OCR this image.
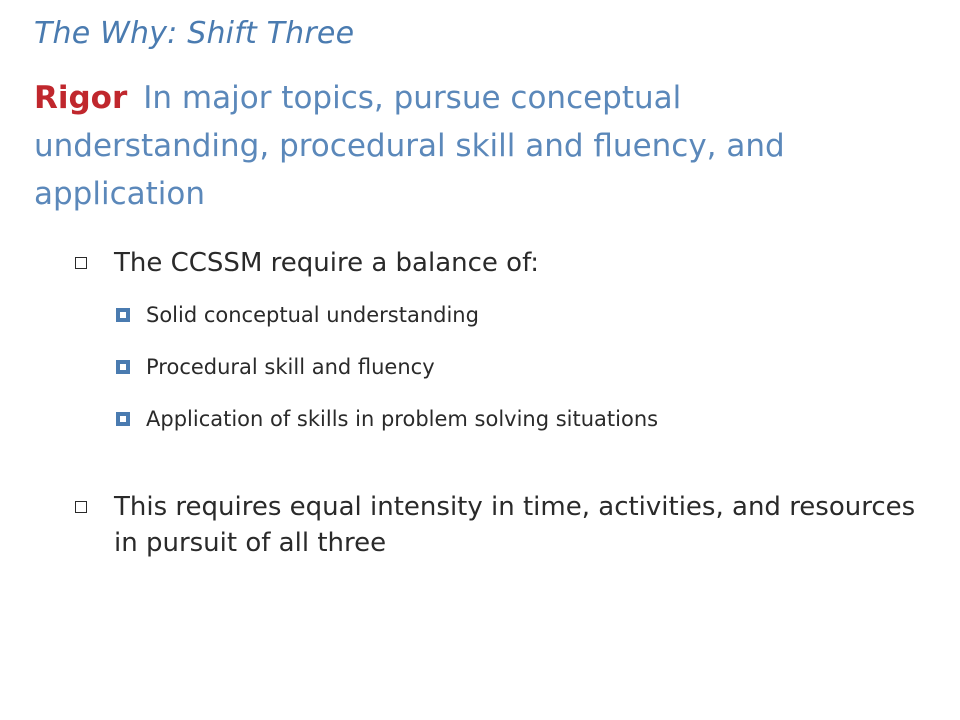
The Why: Shift Three
Rigor In major topics, pursue conceptual understanding, procedural skill and fluency, and application
The CCSSM require a balance of:
Solid conceptual understanding
Procedural skill and fluency
Application of skills in problem solving situations
This requires equal intensity in time, activities, and resources in pursuit of all three
